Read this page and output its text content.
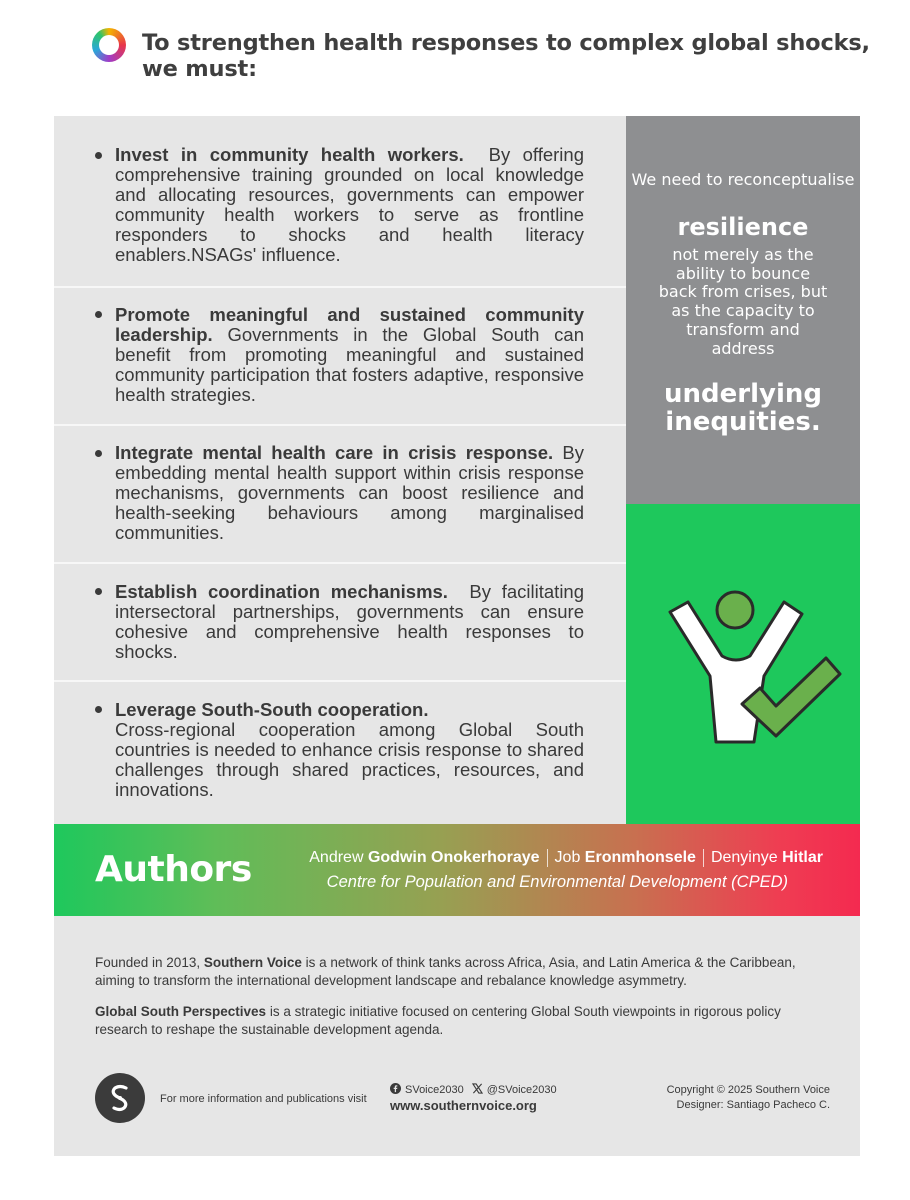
To strengthen health responses to complex global shocks, we must:
Invest in community health workers. By offering comprehensive training grounded on local knowledge and allocating resources, governments can empower community health workers to serve as frontline responders to shocks and health literacy enablers.NSAGs' influence.
Promote meaningful and sustained community leadership. Governments in the Global South can benefit from promoting meaningful and sustained community participation that fosters adaptive, responsive health strategies.
Integrate mental health care in crisis response. By embedding mental health support within crisis response mechanisms, governments can boost resilience and health-seeking behaviours among marginalised communities.
Establish coordination mechanisms. By facilitating intersectoral partnerships, governments can ensure cohesive and comprehensive health responses to shocks.
Leverage South-South cooperation.
Cross-regional cooperation among Global South countries is needed to enhance crisis response to shared challenges through shared practices, resources, and innovations.
We need to reconceptualise
resilience
not merely as the ability to bounce back from crises, but as the capacity to transform and address
underlying inequities.
Authors	Andrew Godwin Onokerhoraye Job Eronmhonsele Denyinye Hitlar
Centre for Population and Environmental Development (CPED)

Founded in 2013, Southern Voice is a network of think tanks across Africa, Asia, and Latin America & the Caribbean, aiming to transform the international development landscape and rebalance knowledge asymmetry.

Global South Perspectives is a strategic initiative focused on centering Global South viewpoints in rigorous policy research to reshape the sustainable development agenda.

For more information and publications visit
SVoice2030 @SVoice2030
www.southernvoice.org
Copyright © 2025 Southern Voice
Designer: Santiago Pacheco C.
